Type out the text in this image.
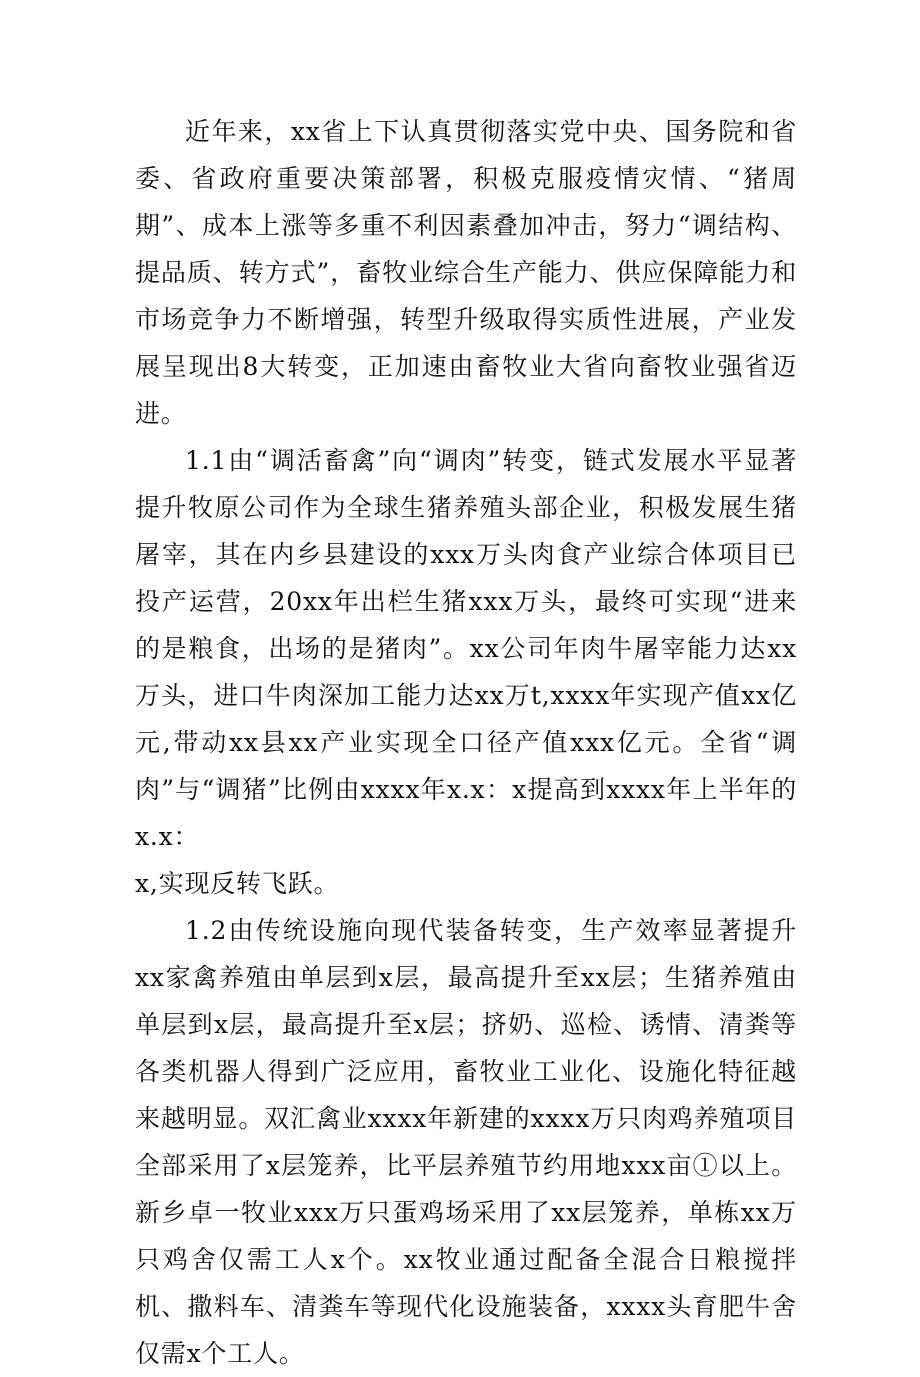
近年来，xx省上下认真贯彻落实党中央、国务院和省委、省政府重要决策部署，积极克服疫情灾情、“猪周期”、成本上涨等多重不利因素叠加冲击，努力“调结构、提品质、转方式”，畜牧业综合生产能力、供应保障能力和市场竞争力不断增强，转型升级取得实质性进展，产业发展呈现出8大转变，正加速由畜牧业大省向畜牧业强省迈进。

1.1由“调活畜禽”向“调肉”转变，链式发展水平显著提升牧原公司作为全球生猪养殖头部企业，积极发展生猪屠宰，其在内乡县建设的xxx万头肉食产业综合体项目已投产运营，20xx年出栏生猪xxx万头，最终可实现“进来的是粮食，出场的是猪肉”。xx公司年肉牛屠宰能力达xx万头，进口牛肉深加工能力达xx万t,xxxx年实现产值xx亿元,带动xx县xx产业实现全口径产值xxx亿元。全省“调肉”与“调猪”比例由xxxx年x.x：x提高到xxxx年上半年的x.x：

x,实现反转飞跃。

1.2由传统设施向现代装备转变，生产效率显著提升xx家禽养殖由单层到x层，最高提升至xx层；生猪养殖由单层到x层，最高提升至x层；挤奶、巡检、诱情、清粪等各类机器人得到广泛应用，畜牧业工业化、设施化特征越来越明显。双汇禽业xxxx年新建的xxxx万只肉鸡养殖项目全部采用了x层笼养，比平层养殖节约用地xxx亩①以上。新乡卓一牧业xxx万只蛋鸡场采用了xx层笼养，单栋xx万只鸡舍仅需工人x个。xx牧业通过配备全混合日粮搅拌机、撒料车、清粪车等现代化设施装备，xxxx头育肥牛舍仅需x个工人。
